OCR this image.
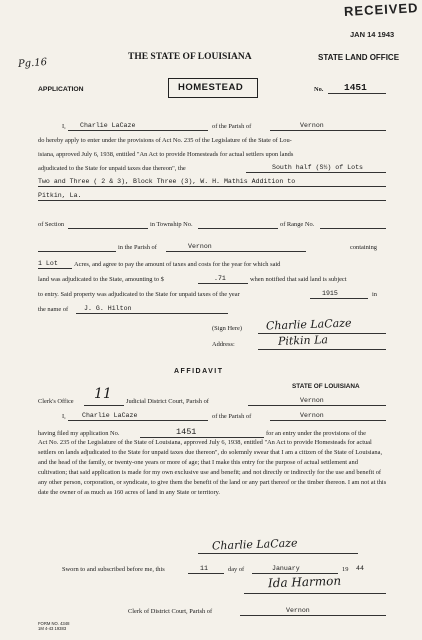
RECEIVED
JAN 14 1943
Pg.16
THE STATE OF LOUISIANA	STATE LAND OFFICE
APPLICATION	HOMESTEAD	No. 1451
I, Charlie LaCaze	of the Parish of	Vernon
do hereby apply to enter under the provisions of Act No. 235 of the Legislature of the State of Lou-
isiana, approved July 6, 1938, entitled "An Act to provide Homesteads for actual settlers upon lands
adjudicated to the State for unpaid taxes due thereon", the	South half (S½) of Lots
Two and Three ( 2 & 3), Block Three (3), W. H. Mathis Addition to
Pitkin, La.
of Section	in Township No.	of Range No.
in the Parish of	Vernon	containing
1 Lot	Acres, and agree to pay the amount of taxes and costs for the year for which said
land was adjudicated to the State, amounting to $	.71	when notified that said land is subject
to entry. Said property was adjudicated to the State for unpaid taxes of the year	1915	in
the name of J. G. Hilton
(Sign Here) Charlie LaCaze
Address:	Pitkin La
AFFIDAVIT
STATE OF LOUISIANA
Clerk's Office 11 Judicial District Court, Parish of	Vernon
I, Charlie LaCaze	of the Parish of	Vernon
having filed my application No.	1451	for an entry under the provisions of the
Act No. 235 of the Legislature of the State of Louisiana, approved July 6, 1938, entitled "An Act to provide Homesteads for actual settlers on lands adjudicated to the State for unpaid taxes due thereon", do solemnly swear that I am a citizen of the State of Louisiana, and the head of the family, or twenty-one years or more of age; that I make this entry for the purpose of actual settlement and cultivation; that said application is made for my own exclusive use and benefit; and not directly or indirectly for the use and benefit of any other person, corporation, or syndicate, to give them the benefit of the land or any part thereof or the timber thereon. I am not at this date the owner of as much as 160 acres of land in any State or territory.
Charlie LaCaze
Sworn to and subscribed before me, this	11	day of	January	19 44
Ida Harmon
Clerk of District Court, Parish of	Vernon
FORM NO. 4348
1M 4-43 19383
